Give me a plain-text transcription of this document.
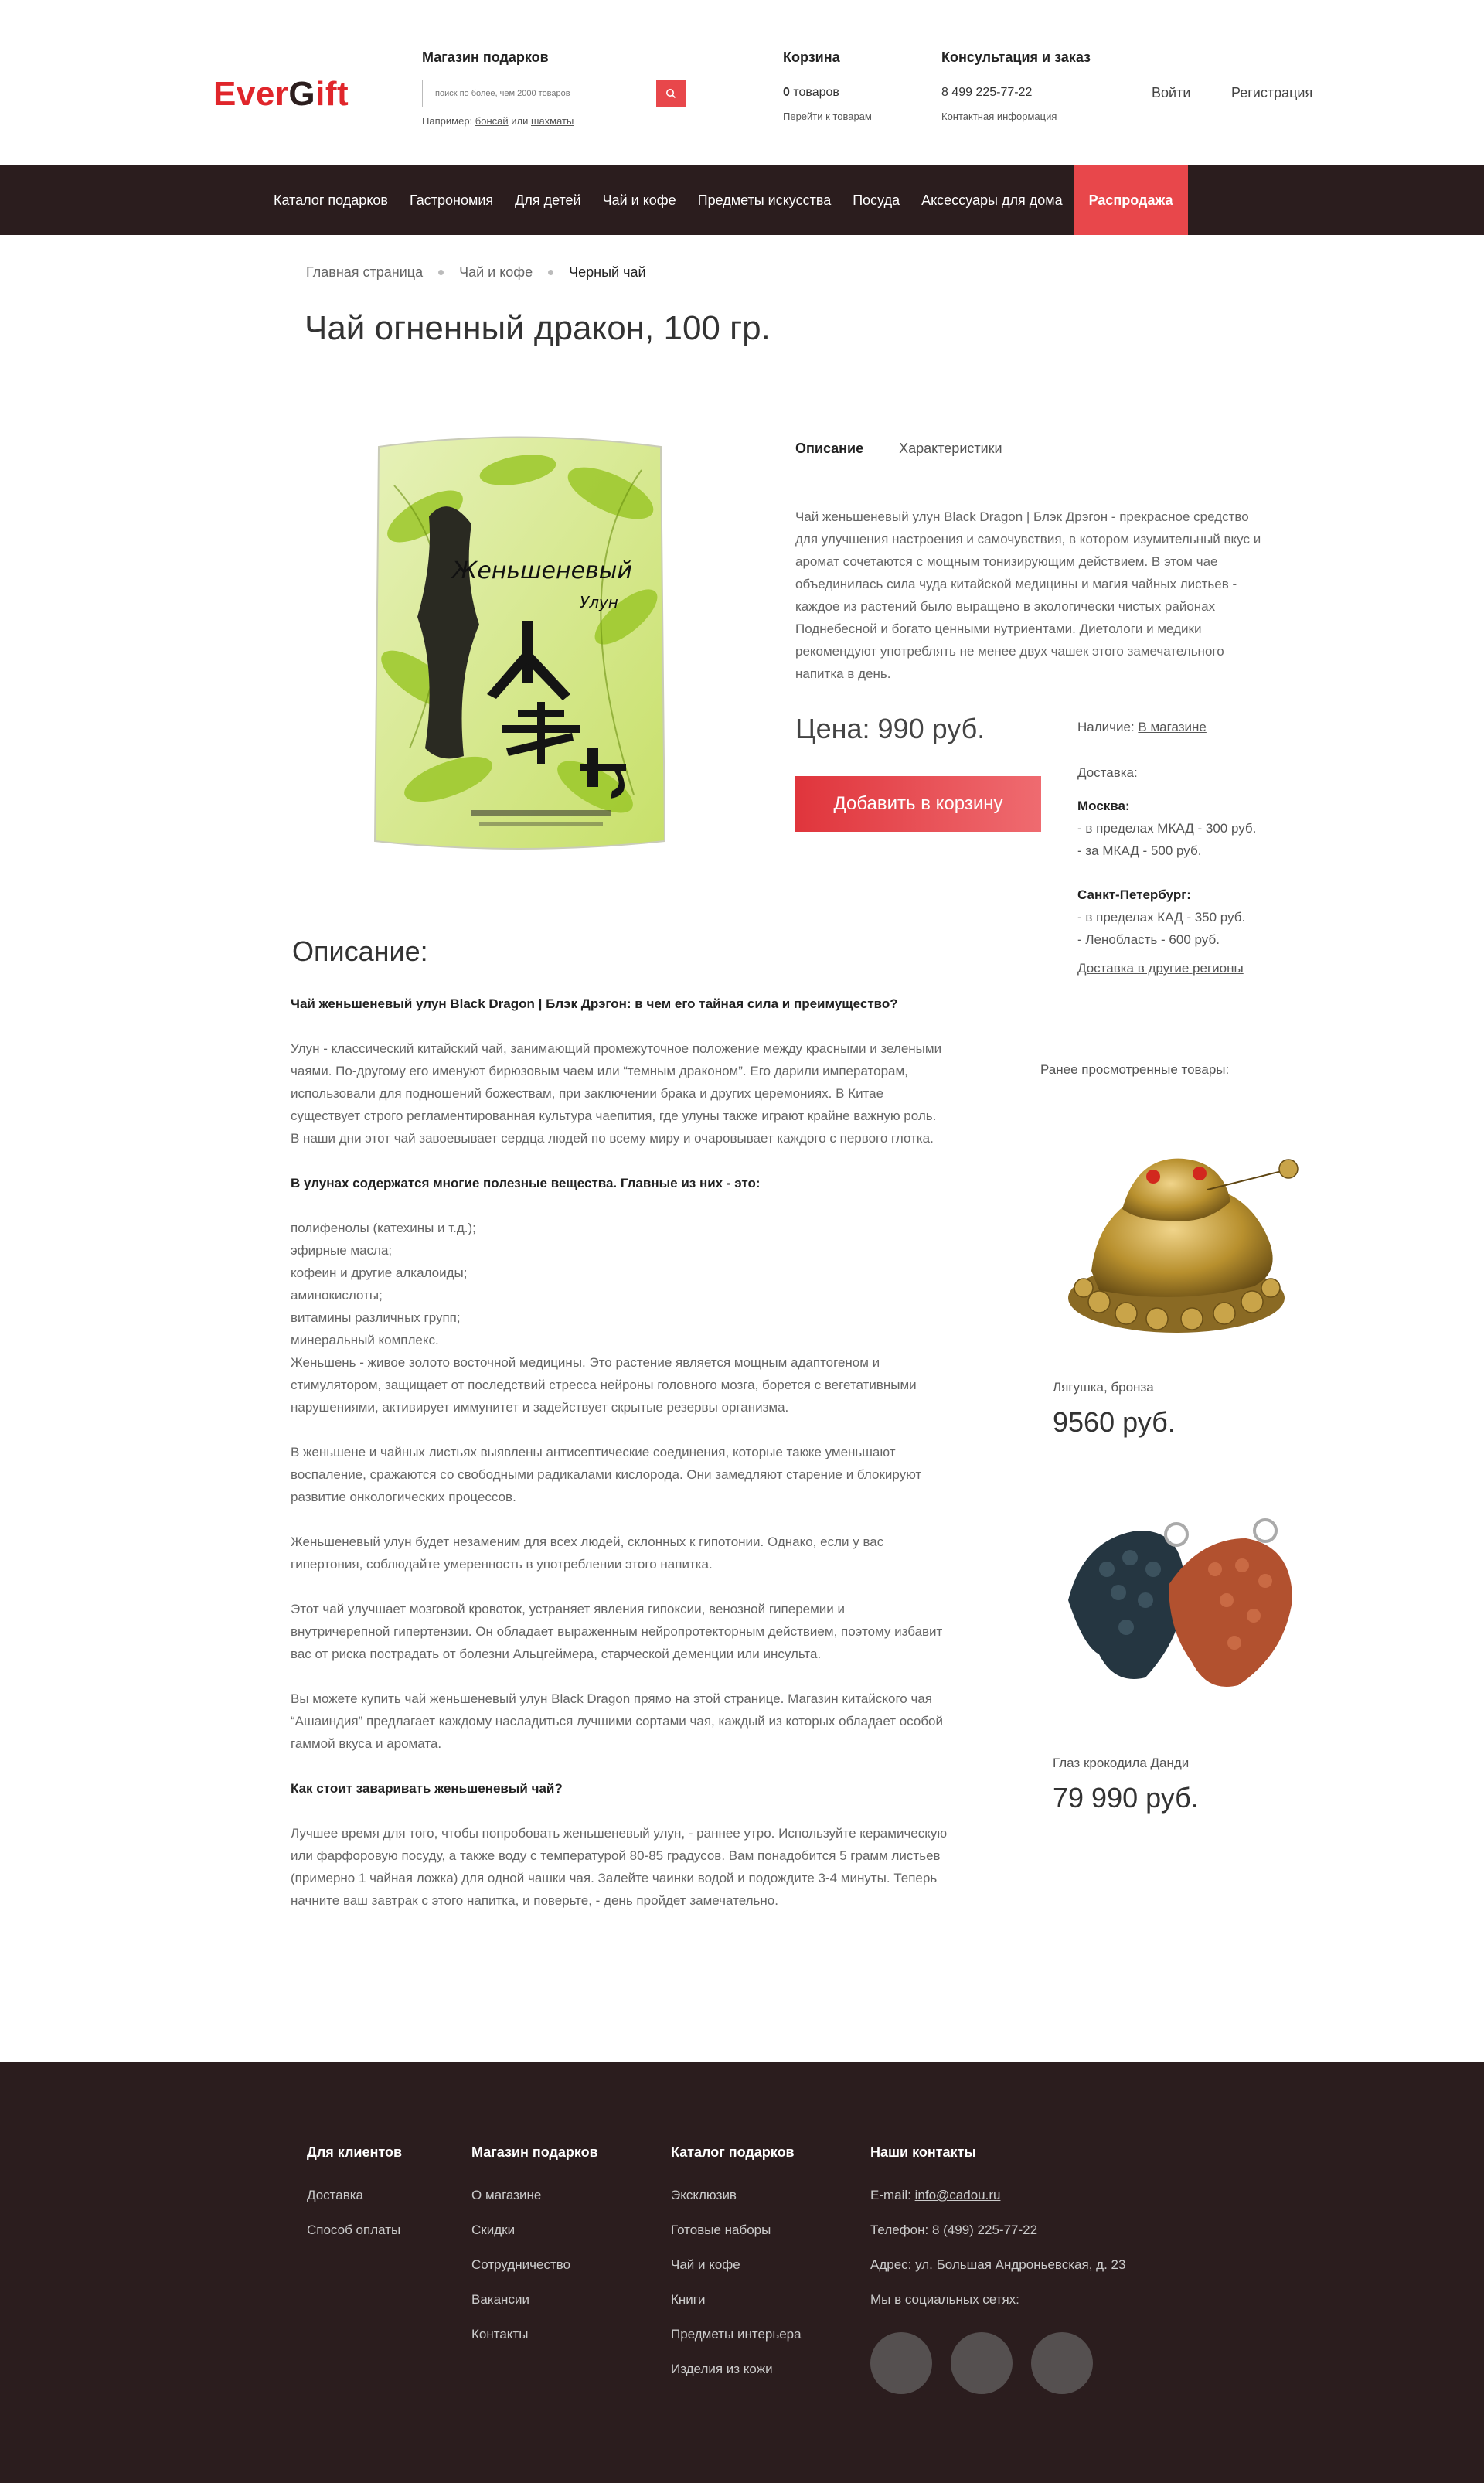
EverGift
Магазин подарков
поиск по более, чем 2000 товаров
Например: бонсай или шахматы
Корзина
0 товаров
Перейти к товарам
Консультация и заказ
8 499 225-77-22
Контактная информация
Войти	Регистрация
Каталог подарков	Гастрономия	Для детей	Чай и кофе	Предметы искусства	Посуда	Аксессуары для дома	Распродажа
Главная страница	Чай и кофе	Черный чай
Чай огненный дракон, 100 гр.
Женьшеневый
Улун
Описание	Характеристики
Чай женьшеневый улун Black Dragon | Блэк Дрэгон - прекрасное средство для улучшения настроения и самочувствия, в котором изумительный вкус и аромат сочетаются с мощным тонизирующим действием. В этом чае объединилась сила чуда китайской медицины и магия чайных листьев - каждое из растений было выращено в экологически чистых районах Поднебесной и богато ценными нутриентами. Диетологи и медики рекомендуют употреблять не менее двух чашек этого замечательного напитка в день.
Цена: 990 руб.
Добавить в корзину
Наличие: В магазине
Доставка:
Москва:
- в пределах МКАД - 300 руб.
- за МКАД - 500 руб.
Санкт-Петербург:
- в пределах КАД - 350 руб.
- Ленобласть - 600 руб.
Доставка в другие регионы
Описание:

Чай женьшеневый улун Black Dragon | Блэк Дрэгон: в чем его тайная сила и преимущество?

Улун - классический китайский чай, занимающий промежуточное положение между красными и зелеными чаями. По-другому его именуют бирюзовым чаем или “темным драконом”. Его дарили императорам, использовали для подношений божествам, при заключении брака и других церемониях. В Китае существует строго регламентированная культура чаепития, где улуны также играют крайне важную роль. В наши дни этот чай завоевывает сердца людей по всему миру и очаровывает каждого с первого глотка.

В улунах содержатся многие полезные вещества. Главные из них - это:

полифенолы (катехины и т.д.);
эфирные масла;
кофеин и другие алкалоиды;
аминокислоты;
витамины различных групп;
минеральный комплекс.

Женьшень - живое золото восточной медицины. Это растение является мощным адаптогеном и стимулятором, защищает от последствий стресса нейроны головного мозга, борется с вегетативными нарушениями, активирует иммунитет и задействует скрытые резервы организма.

В женьшене и чайных листьях выявлены антисептические соединения, которые также уменьшают воспаление, сражаются со свободными радикалами кислорода. Они замедляют старение и блокируют развитие онкологических процессов.

Женьшеневый улун будет незаменим для всех людей, склонных к гипотонии. Однако, если у вас гипертония, соблюдайте умеренность в употреблении этого напитка.

Этот чай улучшает мозговой кровоток, устраняет явления гипоксии, венозной гиперемии и внутричерепной гипертензии. Он обладает выраженным нейропротекторным действием, поэтому избавит вас от риска пострадать от болезни Альцгеймера, старческой деменции или инсульта.

Вы можете купить чай женьшеневый улун Black Dragon прямо на этой странице. Магазин китайского чая “Ашаиндия” предлагает каждому насладиться лучшими сортами чая, каждый из которых обладает особой гаммой вкуса и аромата.

Как стоит заваривать женьшеневый чай?

Лучшее время для того, чтобы попробовать женьшеневый улун, - раннее утро. Используйте керамическую или фарфоровую посуду, а также воду с температурой 80-85 градусов. Вам понадобится 5 грамм листьев (примерно 1 чайная ложка) для одной чашки чая. Залейте чаинки водой и подождите 3-4 минуты. Теперь начните ваш завтрак с этого напитка, и поверьте, - день пройдет замечательно.

Ранее просмотренные товары:
Лягушка, бронза
9560 руб.
Глаз крокодила Данди
79 990 руб.
Для клиентов
Доставка
Способ оплаты
Магазин подарков
О магазине
Скидки
Сотрудничество
Вакансии
Контакты
Каталог подарков
Эксклюзив
Готовые наборы
Чай и кофе
Книги
Предметы интерьера
Изделия из кожи
Наши контакты
E-mail: info@cadou.ru
Телефон: 8 (499) 225-77-22
Адрес: ул. Большая Андроньевская, д. 23
Мы в социальных сетях:
